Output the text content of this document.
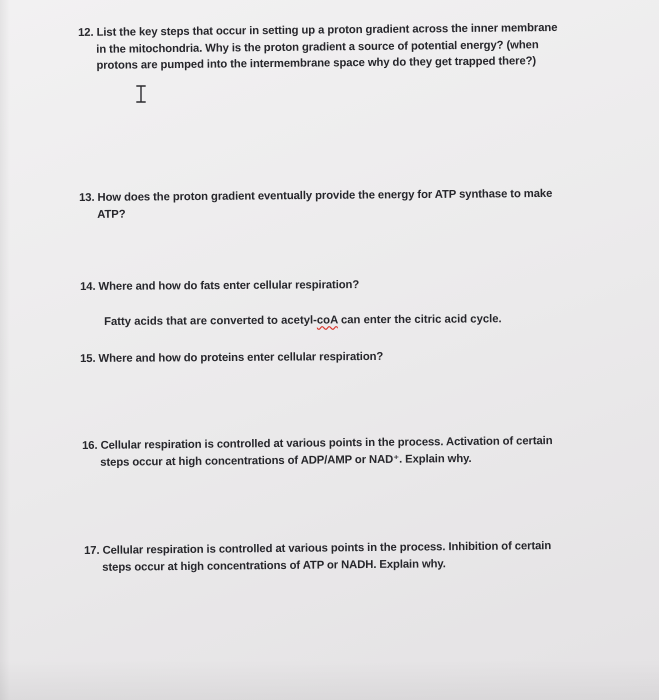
12. List the key steps that occur in setting up a proton gradient across the inner membrane
in the mitochondria. Why is the proton gradient a source of potential energy? (when
protons are pumped into the intermembrane space why do they get trapped there?)
13. How does the proton gradient eventually provide the energy for ATP synthase to make
ATP?
14. Where and how do fats enter cellular respiration?
Fatty acids that are converted to acetyl-coA can enter the citric acid cycle.
15. Where and how do proteins enter cellular respiration?
16. Cellular respiration is controlled at various points in the process. Activation of certain
steps occur at high concentrations of ADP/AMP or NAD⁺. Explain why.
17. Cellular respiration is controlled at various points in the process. Inhibition of certain
steps occur at high concentrations of ATP or NADH. Explain why.
